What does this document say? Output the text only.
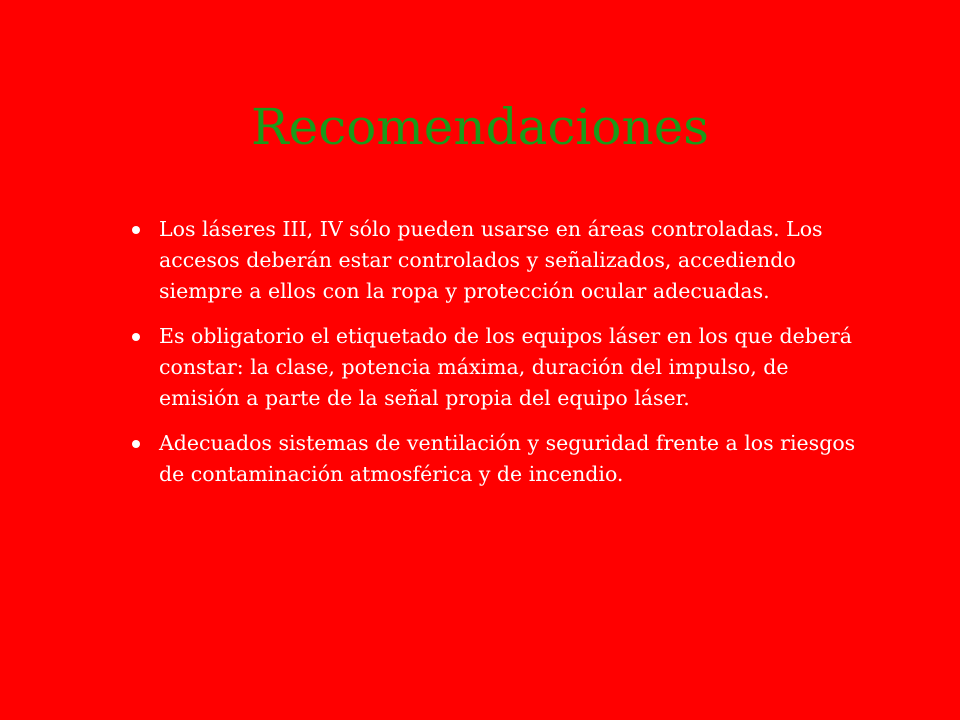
Recomendaciones
Los láseres III, IV sólo pueden usarse en áreas controladas. Los accesos deberán estar controlados y señalizados, accediendo siempre a ellos con la ropa y protección ocular adecuadas.
Es obligatorio el etiquetado de los equipos láser en los que deberá constar: la clase, potencia máxima, duración del impulso, de emisión a parte de la señal propia del equipo láser.
Adecuados sistemas de ventilación y seguridad frente a los riesgos de contaminación atmosférica y de incendio.
